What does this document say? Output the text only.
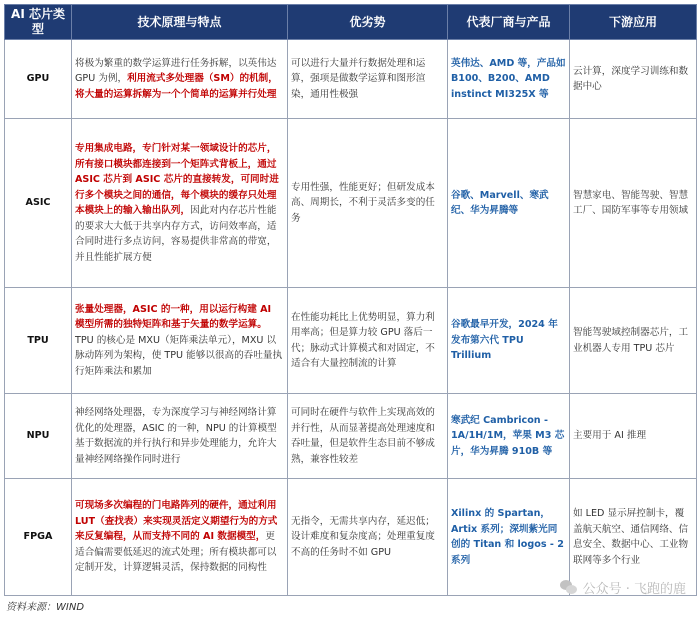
AI 芯片类型	技术原理与特点	优劣势	代表厂商与产品	下游应用
GPU	将极为繁重的数学运算进行任务拆解，以英伟达 GPU 为例，利用流式多处理器（SM）的机制，将大量的运算拆解为一个个简单的运算并行处理	可以进行大量并行数据处理和运算，强项是做数学运算和图形渲染，通用性极强	英伟达、AMD 等，产品如 B100、B200、AMD instinct MI325X 等	云计算，深度学习训练和数据中心
ASIC	专用集成电路，专门针对某一领域设计的芯片，所有接口模块都连接到一个矩阵式背板上，通过 ASIC 芯片到 ASIC 芯片的直接转发，可同时进行多个模块之间的通信，每个模块的缓存只处理本模块上的输入输出队列，因此对内存芯片性能的要求大大低于共享内存方式，访问效率高，适合同时进行多点访问，容易提供非常高的带宽，并且性能扩展方便	专用性强，性能更好；但研发成本高、周期长，不利于灵活多变的任务	谷歌、Marvell、寒武纪、华为昇腾等	智慧家电、智能驾驶、智慧工厂、国防军事等专用领域
TPU	张量处理器，ASIC 的一种，用以运行构建 AI 模型所需的独特矩阵和基于矢量的数学运算。TPU 的核心是 MXU（矩阵乘法单元），MXU 以脉动阵列为架构，使 TPU 能够以很高的吞吐量执行矩阵乘法和累加	在性能功耗比上优势明显，算力利用率高；但是算力较 GPU 落后一代；脉动式计算模式和对固定，不适合有大量控制流的计算	谷歌最早开发，2024 年发布第六代 TPU Trillium	智能驾驶域控制器芯片，工业机器人专用 TPU 芯片
NPU	神经网络处理器，专为深度学习与神经网络计算优化的处理器，ASIC 的一种，NPU 的计算模型基于数据流的并行执行和异步处理能力，允许大量神经网络操作同时进行	可同时在硬件与软件上实现高效的并行性，从而显著提高处理速度和吞吐量，但是软件生态目前不够成熟，兼容性较差	寒武纪 Cambricon - 1A/1H/1M，苹果 M3 芯片，华为昇腾 910B 等	主要用于 AI 推理
FPGA	可现场多次编程的门电路阵列的硬件，通过利用 LUT（查找表）来实现灵活定义期望行为的方式来反复编程，从而支持不同的 AI 数据模型，更适合偏需要低延迟的流式处理；所有模块都可以定制开发，计算逻辑灵活，保持数据的同构性	无指令，无需共享内存，延迟低；设计难度和复杂度高；处理重复度不高的任务时不如 GPU	Xilinx 的 Spartan，Artix 系列；深圳紫光同创的 Titan 和 logos - 2 系列	如 LED 显示屏控制卡，覆盖航天航空、通信网络、信息安全、数据中心、工业物联网等多个行业
资料来源：WIND
公众号 · 飞跑的鹿
